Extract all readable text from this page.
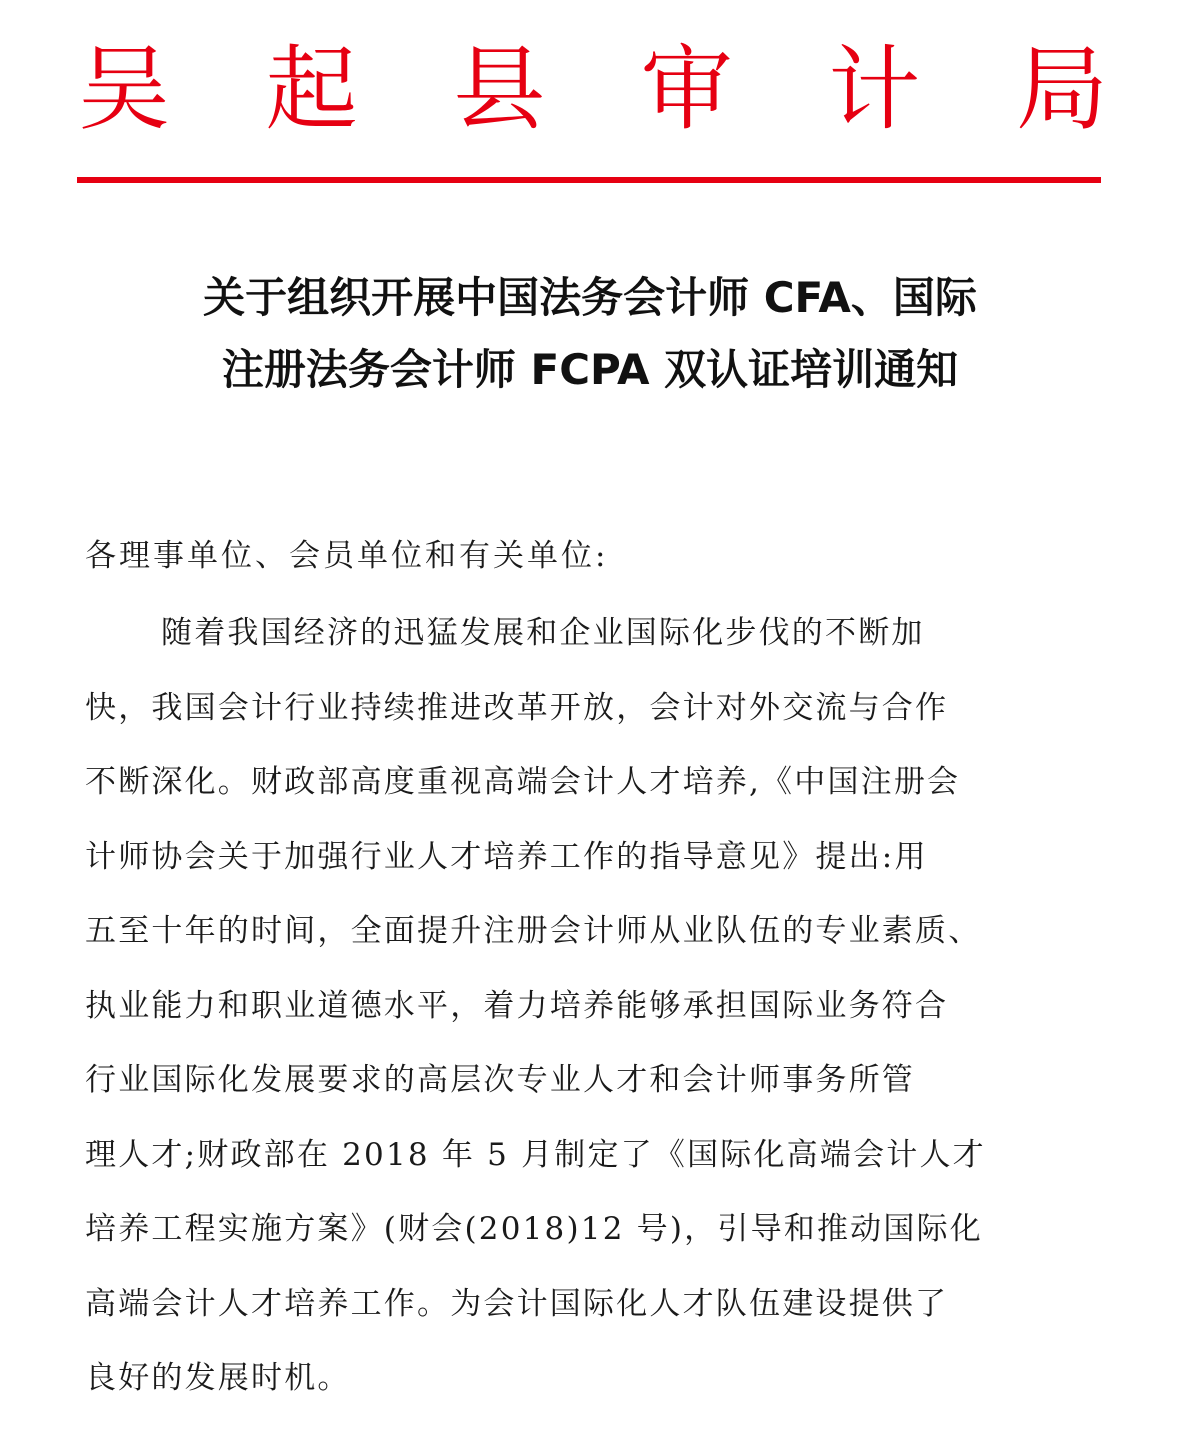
吴 起 县 审 计 局
关于组织开展中国法务会计师 CFA、国际
注册法务会计师 FCPA 双认证培训通知
各理事单位、会员单位和有关单位:
随着我国经济的迅猛发展和企业国际化步伐的不断加
快，我国会计行业持续推进改革开放，会计对外交流与合作
不断深化。财政部高度重视高端会计人才培养,《中国注册会
计师协会关于加强行业人才培养工作的指导意见》提出:用
五至十年的时间，全面提升注册会计师从业队伍的专业素质、
执业能力和职业道德水平，着力培养能够承担国际业务符合
行业国际化发展要求的高层次专业人才和会计师事务所管
理人才;财政部在 2018 年 5 月制定了《国际化高端会计人才
培养工程实施方案》(财会(2018)12 号)，引导和推动国际化
高端会计人才培养工作。为会计国际化人才队伍建设提供了
良好的发展时机。
